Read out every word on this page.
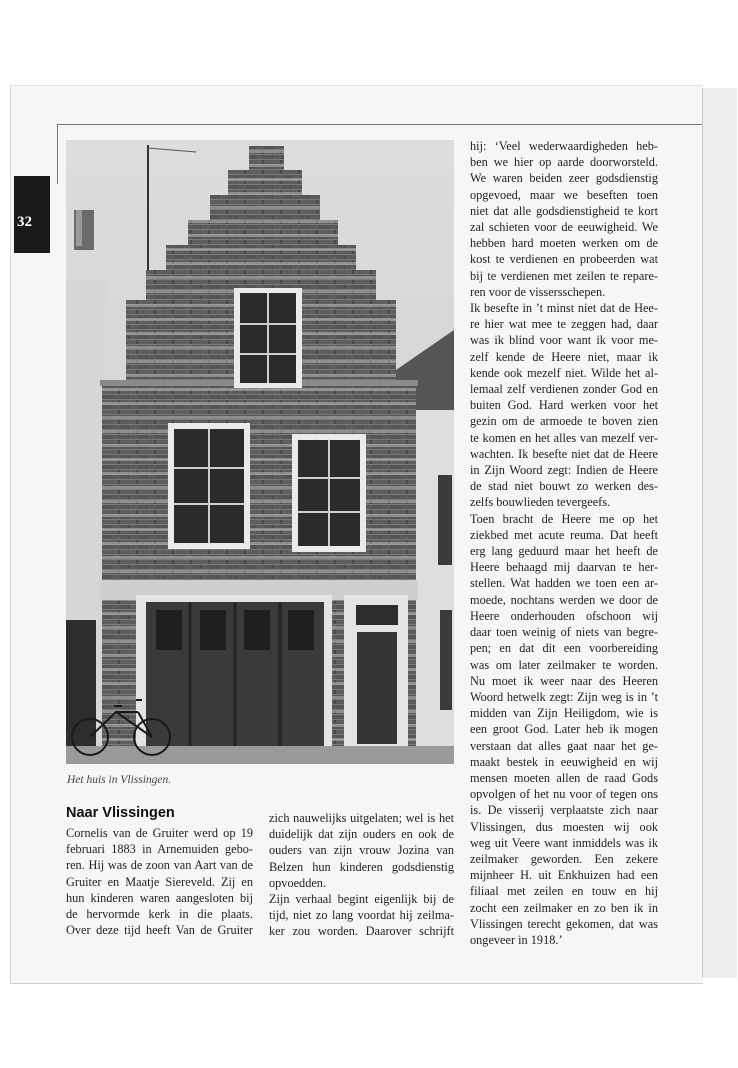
32
Het huis in Vlissingen.
Naar Vlissingen
Cornelis van de Gruiter werd op 19
februari 1883 in Arnemuiden gebo-
ren. Hij was de zoon van Aart van de
Gruiter en Maatje Siereveld. Zij en
hun kinderen waren aangesloten bij
de hervormde kerk in die plaats.
Over deze tijd heeft Van de Gruiter
zich nauwelijks uitgelaten; wel is het
duidelijk dat zijn ouders en ook de
ouders van zijn vrouw Jozina van
Belzen hun kinderen godsdienstig
opvoedden.
Zijn verhaal begint eigenlijk bij de
tijd, niet zo lang voordat hij zeilma-
ker zou worden. Daarover schrijft
hij: ‘Veel wederwaardigheden heb-
ben we hier op aarde doorworsteld.
We waren beiden zeer godsdienstig
opgevoed, maar we beseften toen
niet dat alle godsdienstigheid te kort
zal schieten voor de eeuwigheid. We
hebben hard moeten werken om de
kost te verdienen en probeerden wat
bij te verdienen met zeilen te repare-
ren voor de vissersschepen.
Ik besefte in ’t minst niet dat de Hee-
re hier wat mee te zeggen had, daar
was ik blind voor want ik voor me-
zelf kende de Heere niet, maar ik
kende ook mezelf niet. Wilde het al-
lemaal zelf verdienen zonder God en
buiten God. Hard werken voor het
gezin om de armoede te boven zien
te komen en het alles van mezelf ver-
wachten. Ik besefte niet dat de Heere
in Zijn Woord zegt: Indien de Heere
de stad niet bouwt zo werken des-
zelfs bouwlieden tevergeefs.
Toen bracht de Heere me op het
ziekbed met acute reuma. Dat heeft
erg lang geduurd maar het heeft de
Heere behaagd mij daarvan te her-
stellen. Wat hadden we toen een ar-
moede, nochtans werden we door de
Heere onderhouden ofschoon wij
daar toen weinig of niets van begre-
pen; en dat dit een voorbereiding
was om later zeilmaker te worden.
Nu moet ik weer naar des Heeren
Woord hetwelk zegt: Zijn weg is in ’t
midden van Zijn Heiligdom, wie is
een groot God. Later heb ik mogen
verstaan dat alles gaat naar het ge-
maakt bestek in eeuwigheid en wij
mensen moeten allen de raad Gods
opvolgen of het nu voor of tegen ons
is. De visserij verplaatste zich naar
Vlissingen, dus moesten wij ook
weg uit Veere want inmiddels was ik
zeilmaker geworden. Een zekere
mijnheer H. uit Enkhuizen had een
filiaal met zeilen en touw en hij
zocht een zeilmaker en zo ben ik in
Vlissingen terecht gekomen, dat was
ongeveer in 1918.’
